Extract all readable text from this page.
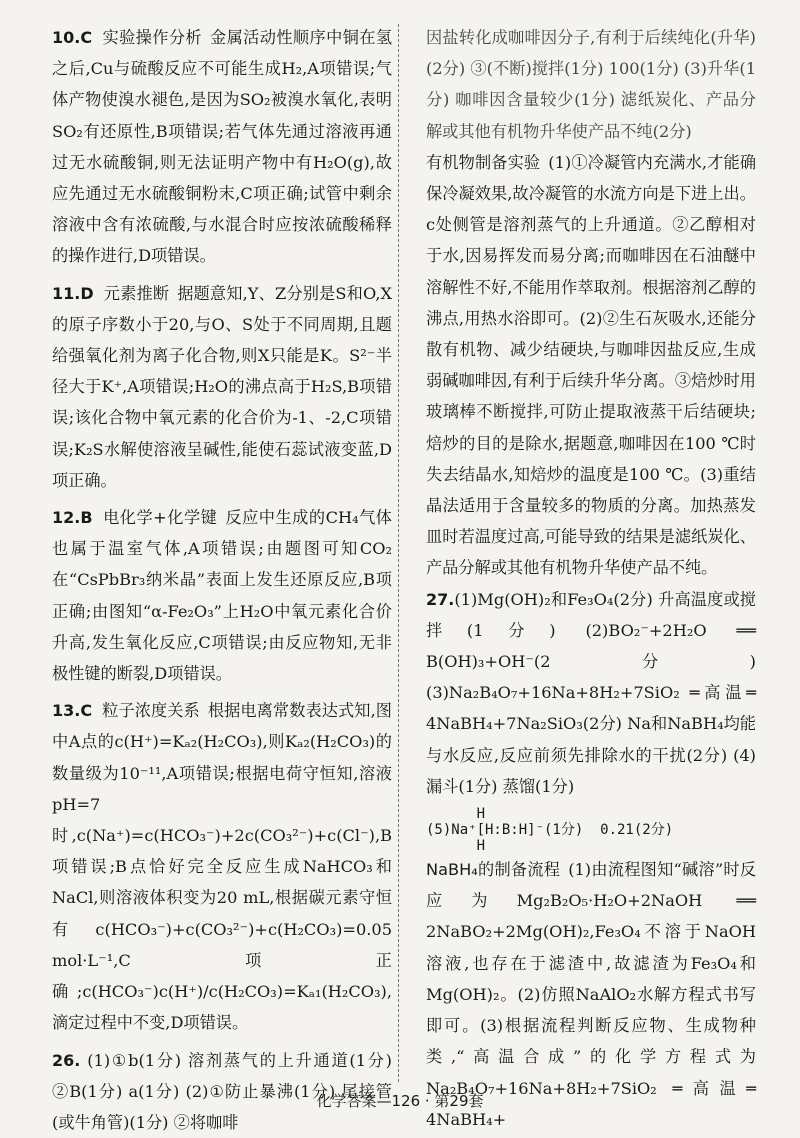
10.C 实验操作分析 金属活动性顺序中铜在氢之后,Cu与硫酸反应不可能生成H₂,A项错误;气体产物使溴水褪色,是因为SO₂被溴水氧化,表明SO₂有还原性,B项错误;若气体先通过溶液再通过无水硫酸铜,则无法证明产物中有H₂O(g),故应先通过无水硫酸铜粉末,C项正确;试管中剩余溶液中含有浓硫酸,与水混合时应按浓硫酸稀释的操作进行,D项错误。

11.D 元素推断 据题意知,Y、Z分别是S和O,X的原子序数小于20,与O、S处于不同周期,且题给强氧化剂为离子化合物,则X只能是K。S²⁻半径大于K⁺,A项错误;H₂O的沸点高于H₂S,B项错误;该化合物中氧元素的化合价为-1、-2,C项错误;K₂S水解使溶液呈碱性,能使石蕊试液变蓝,D项正确。

12.B 电化学+化学键 反应中生成的CH₄气体也属于温室气体,A项错误;由题图可知CO₂在“CsPbBr₃纳米晶”表面上发生还原反应,B项正确;由图知“α-Fe₂O₃”上H₂O中氧元素化合价升高,发生氧化反应,C项错误;由反应物知,无非极性键的断裂,D项错误。

13.C 粒子浓度关系 根据电离常数表达式知,图中A点的c(H⁺)=Kₐ₂(H₂CO₃),则Kₐ₂(H₂CO₃)的数量级为10⁻¹¹,A项错误;根据电荷守恒知,溶液pH=7时,c(Na⁺)=c(HCO₃⁻)+2c(CO₃²⁻)+c(Cl⁻),B项错误;B点恰好完全反应生成NaHCO₃和NaCl,则溶液体积变为20 mL,根据碳元素守恒有c(HCO₃⁻)+c(CO₃²⁻)+c(H₂CO₃)=0.05 mol·L⁻¹,C项正确;c(HCO₃⁻)c(H⁺)/c(H₂CO₃)=Kₐ₁(H₂CO₃),滴定过程中不变,D项错误。

26. (1)①b(1分) 溶剂蒸气的上升通道(1分) ②B(1分) a(1分) (2)①防止暴沸(1分) 尾接管(或牛角管)(1分) ②将咖啡

因盐转化成咖啡因分子,有利于后续纯化(升华)(2分) ③(不断)搅拌(1分) 100(1分) (3)升华(1分) 咖啡因含量较少(1分) 滤纸炭化、产品分解或其他有机物升华使产品不纯(2分)

有机物制备实验 (1)①冷凝管内充满水,才能确保冷凝效果,故冷凝管的水流方向是下进上出。c处侧管是溶剂蒸气的上升通道。②乙醇相对于水,因易挥发而易分离;而咖啡因在石油醚中溶解性不好,不能用作萃取剂。根据溶剂乙醇的沸点,用热水浴即可。(2)②生石灰吸水,还能分散有机物、减少结硬块,与咖啡因盐反应,生成弱碱咖啡因,有利于后续升华分离。③焙炒时用玻璃棒不断搅拌,可防止提取液蒸干后结硬块;焙炒的目的是除水,据题意,咖啡因在100 ℃时失去结晶水,知焙炒的温度是100 ℃。(3)重结晶法适用于含量较多的物质的分离。加热蒸发皿时若温度过高,可能导致的结果是滤纸炭化、产品分解或其他有机物升华使产品不纯。

27.(1)Mg(OH)₂和Fe₃O₄(2分) 升高温度或搅拌(1分) (2)BO₂⁻+2H₂O ══ B(OH)₃+OH⁻(2分) (3)Na₂B₄O₇+16Na+8H₂+7SiO₂ ═高温═ 4NaBH₄+7Na₂SiO₃(2分) Na和NaBH₄均能与水反应,反应前须先排除水的干扰(2分) (4)漏斗(1分) 蒸馏(1分)

H
(5)Na⁺[H:B:H]⁻(1分)  0.21(2分)
H

NaBH₄的制备流程 (1)由流程图知“碱溶”时反应为Mg₂B₂O₅·H₂O+2NaOH ══ 2NaBO₂+2Mg(OH)₂,Fe₃O₄不溶于NaOH溶液,也存在于滤渣中,故滤渣为Fe₃O₄和Mg(OH)₂。(2)仿照NaAlO₂水解方程式书写即可。(3)根据流程判断反应物、生成物种类,“高温合成”的化学方程式为Na₂B₄O₇+16Na+8H₂+7SiO₂ ═高温═ 4NaBH₄+

化学答案—126 · 第29套
